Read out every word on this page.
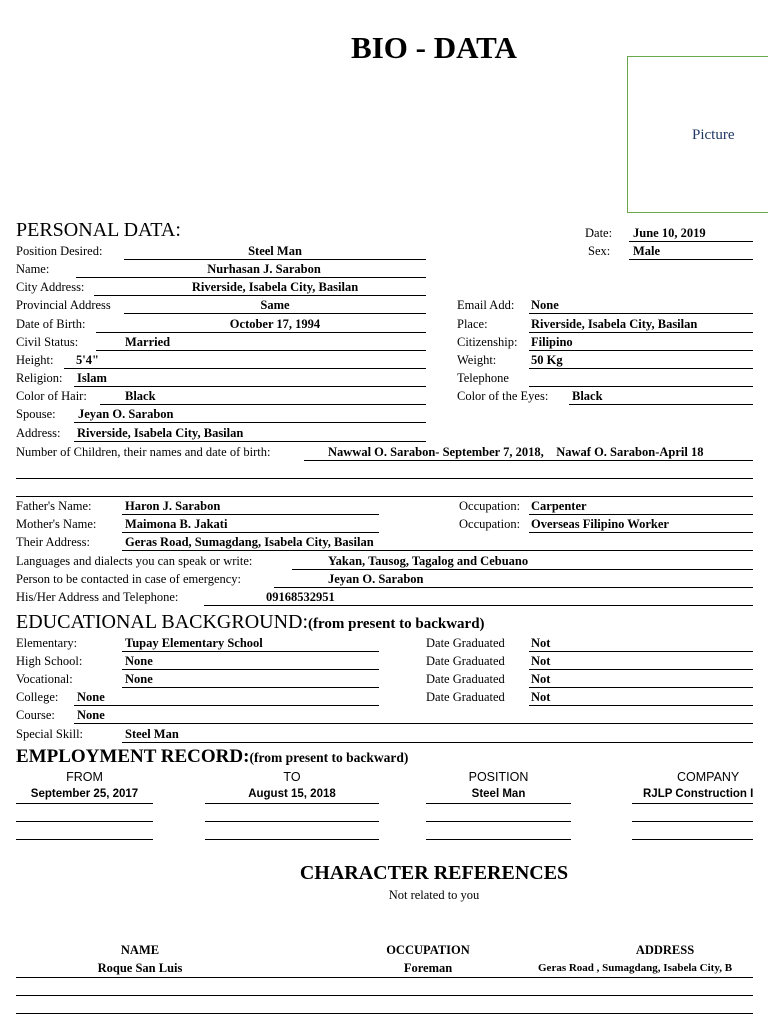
BIO - DATA
Picture
PERSONAL DATA:	Date: June 10, 2019
Sex: Male
Position Desired:	Steel Man
Name:	Nurhasan J. Sarabon
City Address:	Riverside, Isabela City, Basilan
Provincial Address	Same	Email Add: None
Date of Birth:	October 17, 1994	Place:	Riverside, Isabela City, Basilan
Civil Status:	Married	Citizenship: Filipino
Height: 5'4"	Weight:	50 Kg
Religion: Islam	Telephone
Color of Hair:	Black	Color of the Eyes: Black
Spouse: Jeyan O. Sarabon
Address: Riverside, Isabela City, Basilan
Number of Children, their names and date of birth:	Nawwal O. Sarabon- September 7, 2018,    Nawaf O. Sarabon-April 18
Father's Name:	Haron J. Sarabon	Occupation: Carpenter
Mother's Name: Maimona B. Jakati	Occupation: Overseas Filipino Worker
Their Address:	Geras Road, Sumagdang, Isabela City, Basilan
Languages and dialects you can speak or write:	Yakan, Tausog, Tagalog and Cebuano
Person to be contacted in case of emergency:	Jeyan O. Sarabon
His/Her Address and Telephone:	09168532951
EDUCATIONAL BACKGROUND:(from present to backward)
Elementary:	Tupay Elementary School	Date Graduated Not
High School:	None	Date Graduated Not
Vocational:	None	Date Graduated Not
College: None	Date Graduated Not
Course: None
Special Skill:	Steel Man
EMPLOYMENT RECORD:(from present to backward)
FROM	TO	POSITION	COMPANY
September 25, 2017	August 15, 2018	Steel Man	RJLP Construction I
CHARACTER REFERENCES
Not related to you
NAME	OCCUPATION	ADDRESS
Roque San Luis	Foreman	Geras Road , Sumagdang, Isabela City, B
